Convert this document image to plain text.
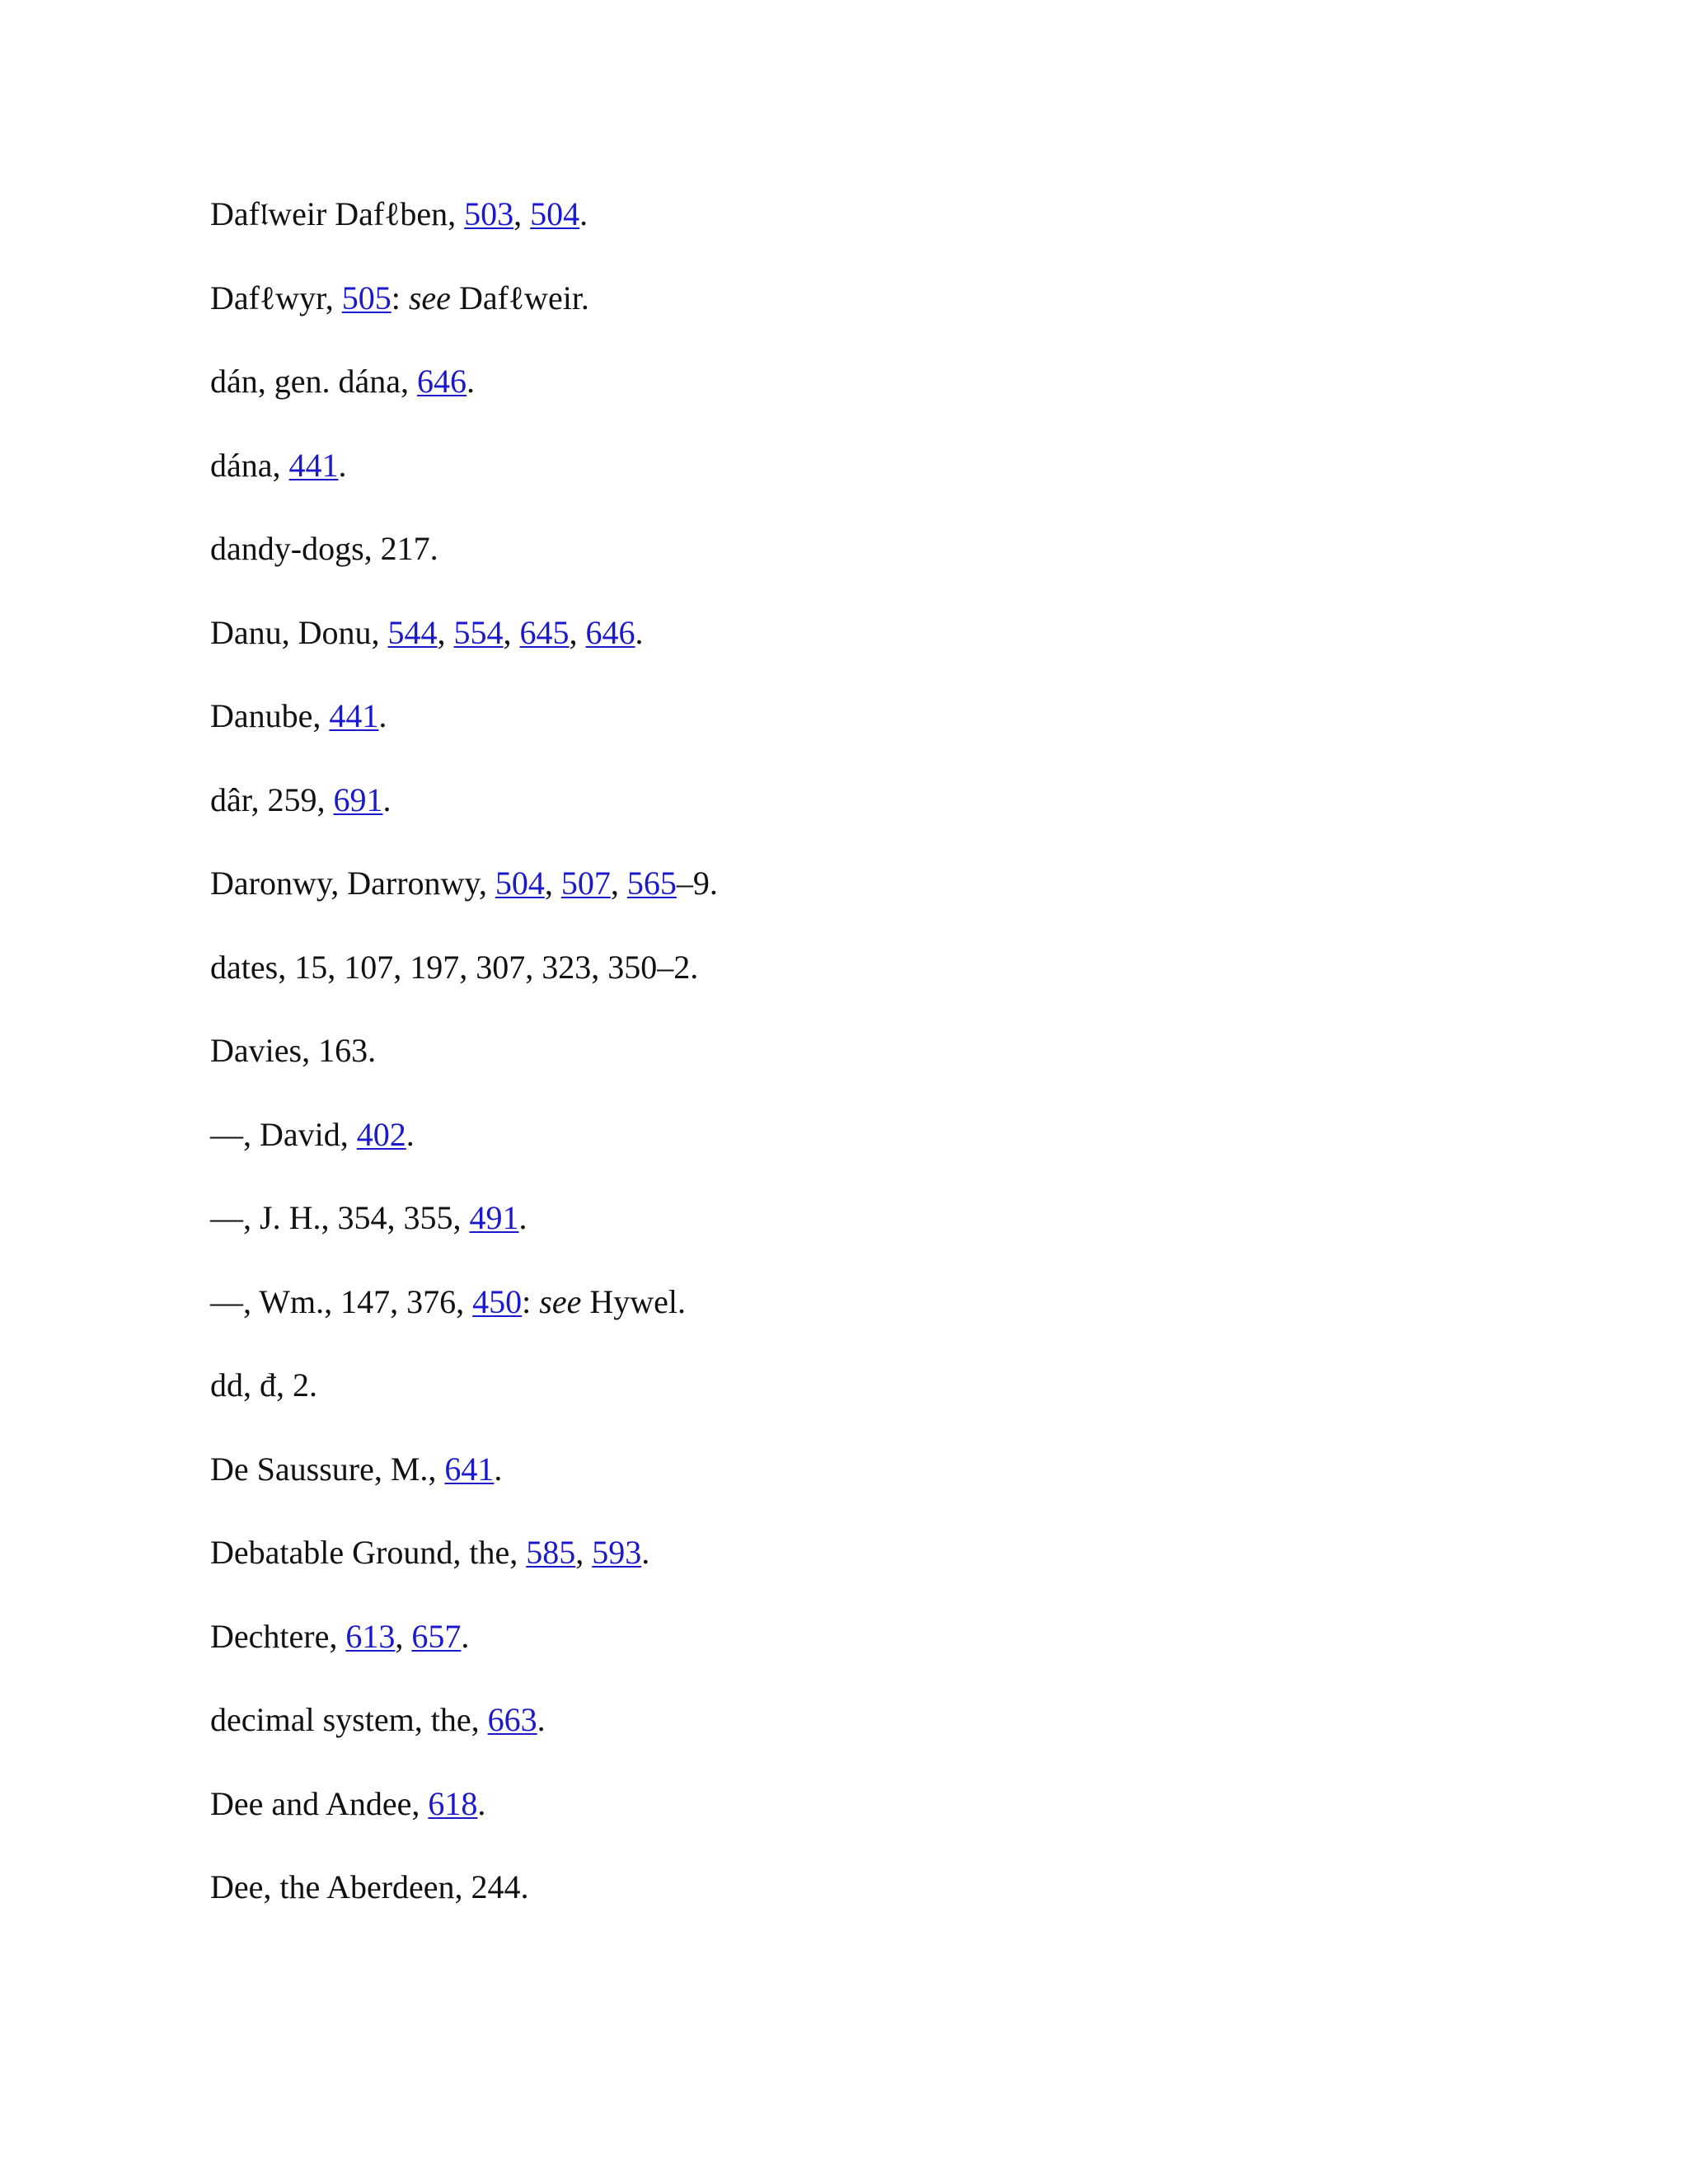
Daf𝔩weir Dafℓben, 503, 504.
Dafℓwyr, 505: see Dafℓweir.
dán, gen. dána, 646.
dána, 441.
dandy-dogs, 217.
Danu, Donu, 544, 554, 645, 646.
Danube, 441.
dâr, 259, 691.
Daronwy, Darronwy, 504, 507, 565–9.
dates, 15, 107, 197, 307, 323, 350–2.
Davies, 163.
—, David, 402.
—, J. H., 354, 355, 491.
—, Wm., 147, 376, 450: see Hywel.
dd, đ, 2.
De Saussure, M., 641.
Debatable Ground, the, 585, 593.
Dechtere, 613, 657.
decimal system, the, 663.
Dee and Andee, 618.
Dee, the Aberdeen, 244.
